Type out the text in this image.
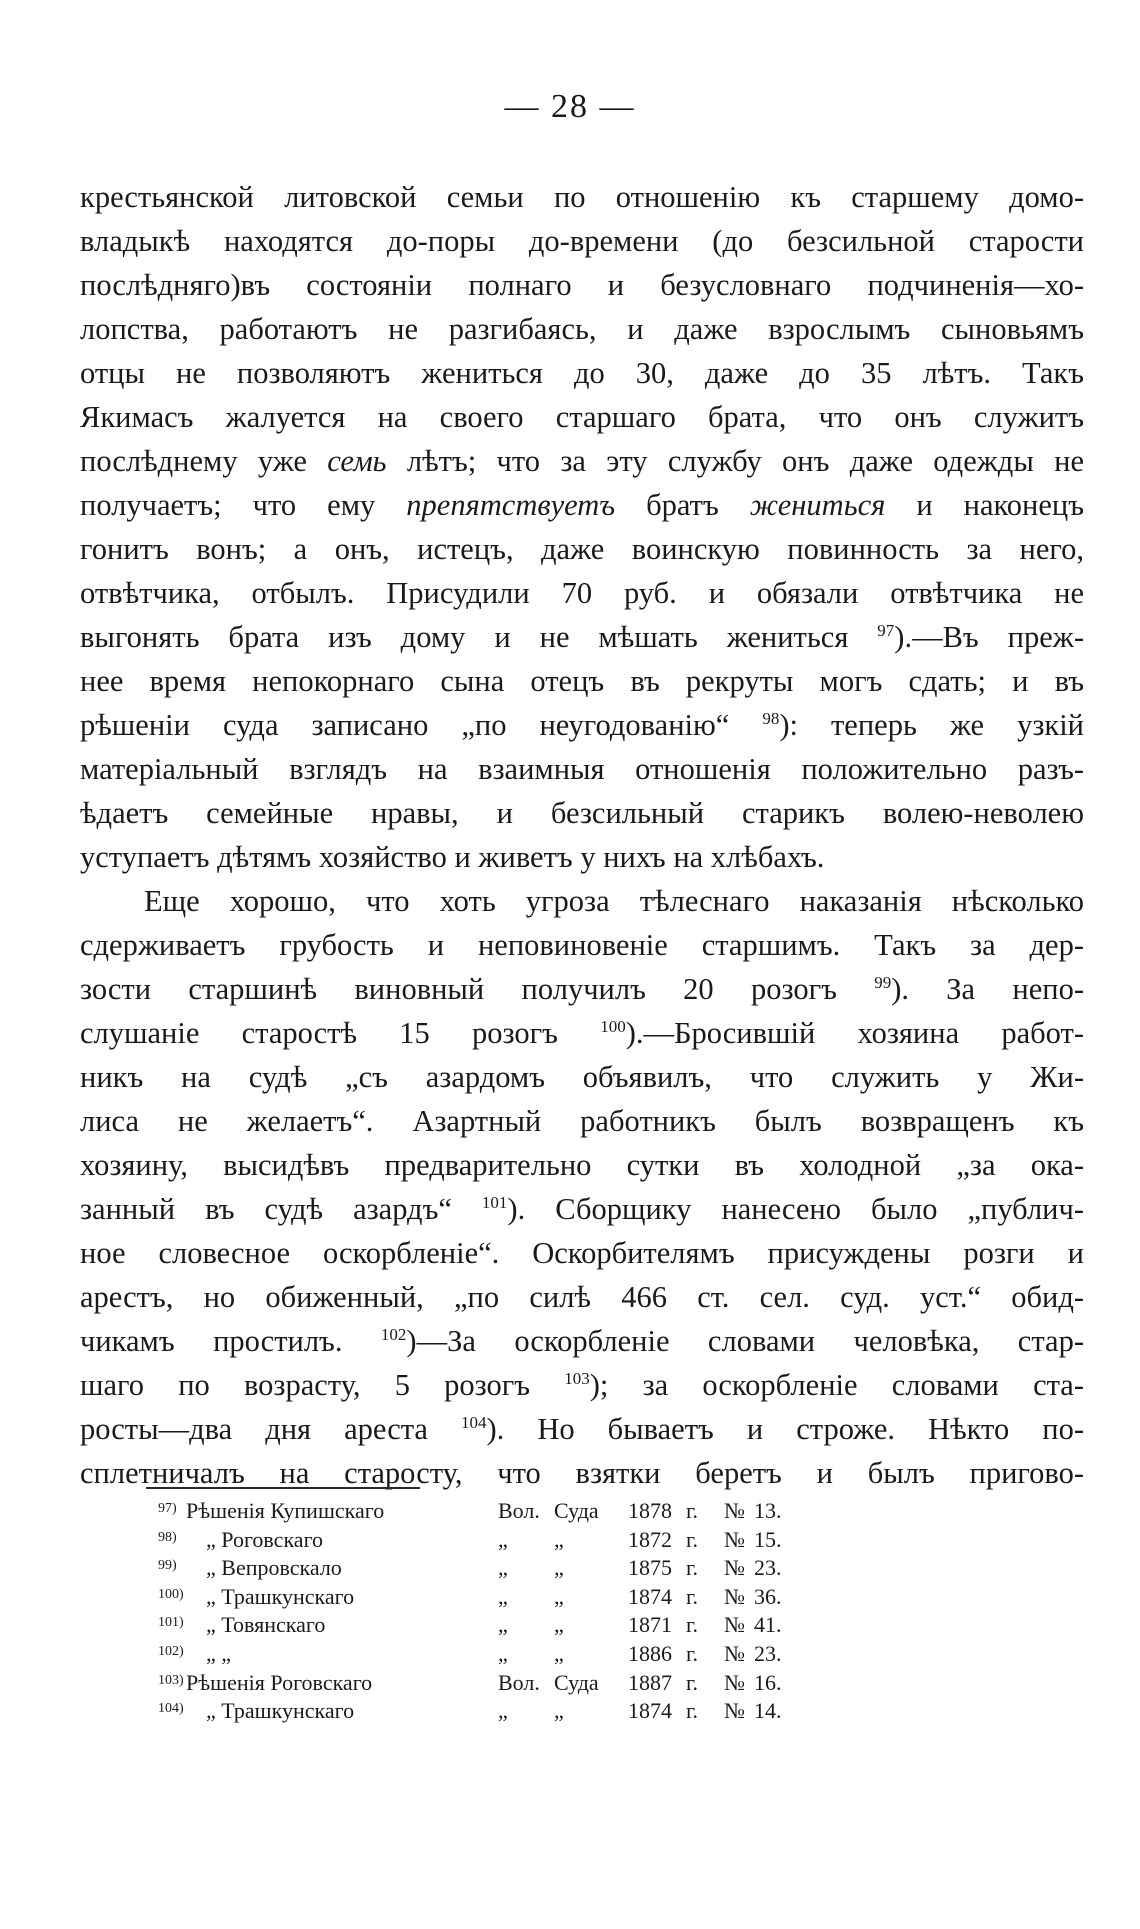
— 28 —
крестьянской литовской семьи по отношенію къ старшему домо-
владыкѣ находятся до-поры до-времени (до безсильной старости
послѣдняго)въ состояніи полнаго и безусловнаго подчиненія—хо-
лопства, работаютъ не разгибаясь, и даже взрослымъ сыновьямъ
отцы не позволяютъ жениться до 30, даже до 35 лѣтъ. Такъ
Якимасъ жалуется на своего старшаго брата, что онъ служитъ
послѣднему уже семь лѣтъ; что за эту службу онъ даже одежды не
получаетъ; что ему препятствуетъ братъ жениться и наконецъ
гонитъ вонъ; а онъ, истецъ, даже воинскую повинность за него,
отвѣтчика, отбылъ. Присудили 70 руб. и обязали отвѣтчика не
выгонять брата изъ дому и не мѣшать жениться $^{97}$).—Въ преж-
нее время непокорнаго сына отецъ въ рекруты могъ сдать; и въ
рѣшеніи суда записано „по неугодованію“ $^{98}$): теперь же узкій
матеріальный взглядъ на взаимныя отношенія положительно разъ-
ѣдаетъ семейные нравы, и безсильный старикъ волею-неволею
уступаетъ дѣтямъ хозяйство и живетъ у нихъ на хлѣбахъ.
Еще хорошо, что хоть угроза тѣлеснаго наказанія нѣсколько
сдерживаетъ грубость и неповиновеніе старшимъ. Такъ за дер-
зости старшинѣ виновный получилъ 20 розогъ $^{99}$). За непо-
слушаніе старостѣ 15 розогъ $^{100}$).—Бросившій хозяина работ-
никъ на судѣ „съ азардомъ объявилъ, что служить у Жи-
лиса не желаетъ“. Азартный работникъ былъ возвращенъ къ
хозяину, высидѣвъ предварительно сутки въ холодной „за ока-
занный въ судѣ азардъ“ $^{101}$). Сборщику нанесено было „публич-
ное словесное оскорбленіе“. Оскорбителямъ присуждены розги и
арестъ, но обиженный, „по силѣ 466 ст. сел. суд. уст.“ обид-
чикамъ простилъ. $^{102}$)—За оскорбленіе словами человѣка, стар-
шаго по возрасту, 5 розогъ $^{103}$); за оскорбленіе словами ста-
росты—два дня ареста $^{104}$). Но бываетъ и строже. Нѣкто по-
сплетничалъ на старосту, что взятки беретъ и былъ пригово-
97) Рѣшенія Купишскаго	Вол. Суда 1878 г. № 13.
98) „ Роговскаго	„ „	1872 г. № 15.
99) „ Вепровскало	„ „	1875 г. № 23.
100) „ Трашкунскаго	„ „	1874 г. № 36.
101) „ Товянскаго	„ „	1871 г. № 41.
102) „ „	„ „	1886 г. № 23.
103) Рѣшенія Роговскаго	Вол. Суда 1887 г. № 16.
104) „ Трашкунскаго	„ „	1874 г. № 14.
